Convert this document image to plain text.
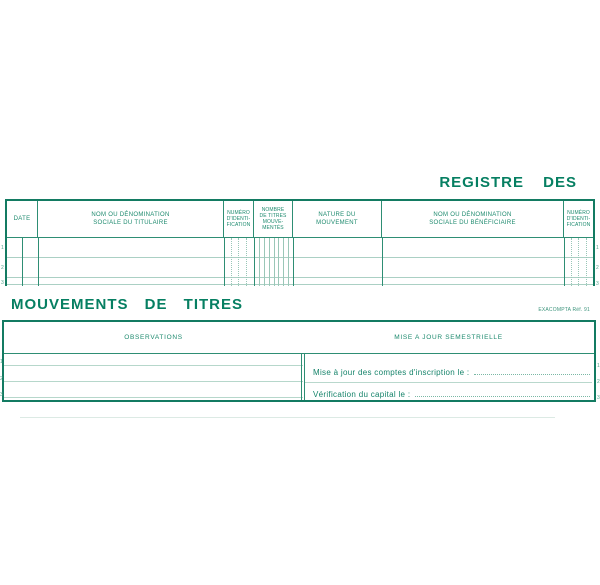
REGISTRE DES
MOUVEMENTS DE TITRES	EXACOMPTA Réf. 91
DATE
NOM OU DÉNOMINATION
SOCIALE DU TITULAIRE
NUMÉRO
D'IDENTI-
FICATION
NOMBRE
DE TITRES
MOUVE-
MENTÉS
NATURE DU
MOUVEMENT
NOM OU DÉNOMINATION
SOCIALE DU BÉNÉFICIAIRE
NUMÉRO
D'IDENTI-
FICATION
1
2
3
1
2
3
OBSERVATIONS	MISE A JOUR SEMESTRIELLE
Mise à jour des comptes d'inscription le :
Vérification du capital le :
1
2
3
1
2
3
